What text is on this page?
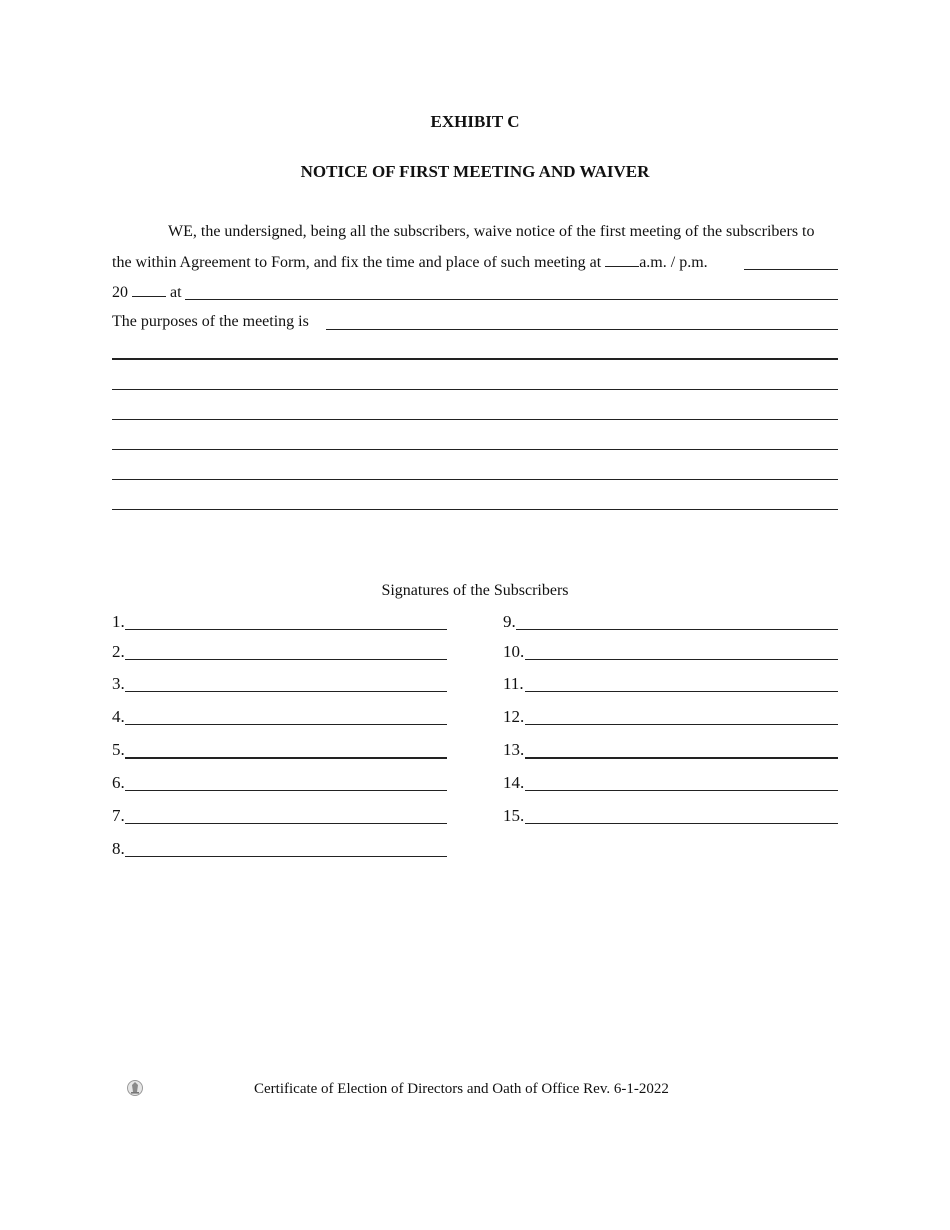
EXHIBIT C
NOTICE OF FIRST MEETING AND WAIVER
WE, the undersigned, being all the subscribers, waive notice of the first meeting of the subscribers to
the within Agreement to Form, and fix the time and place of such meeting at a.m. / p.m.
20	at
The purposes of the meeting is
Signatures of the Subscribers
1.
2.
3.
4.
5.
6.
7.
8.
9.
10.
11.
12.
13.
14.
15.
Certificate of Election of Directors and Oath of Office Rev. 6-1-2022
